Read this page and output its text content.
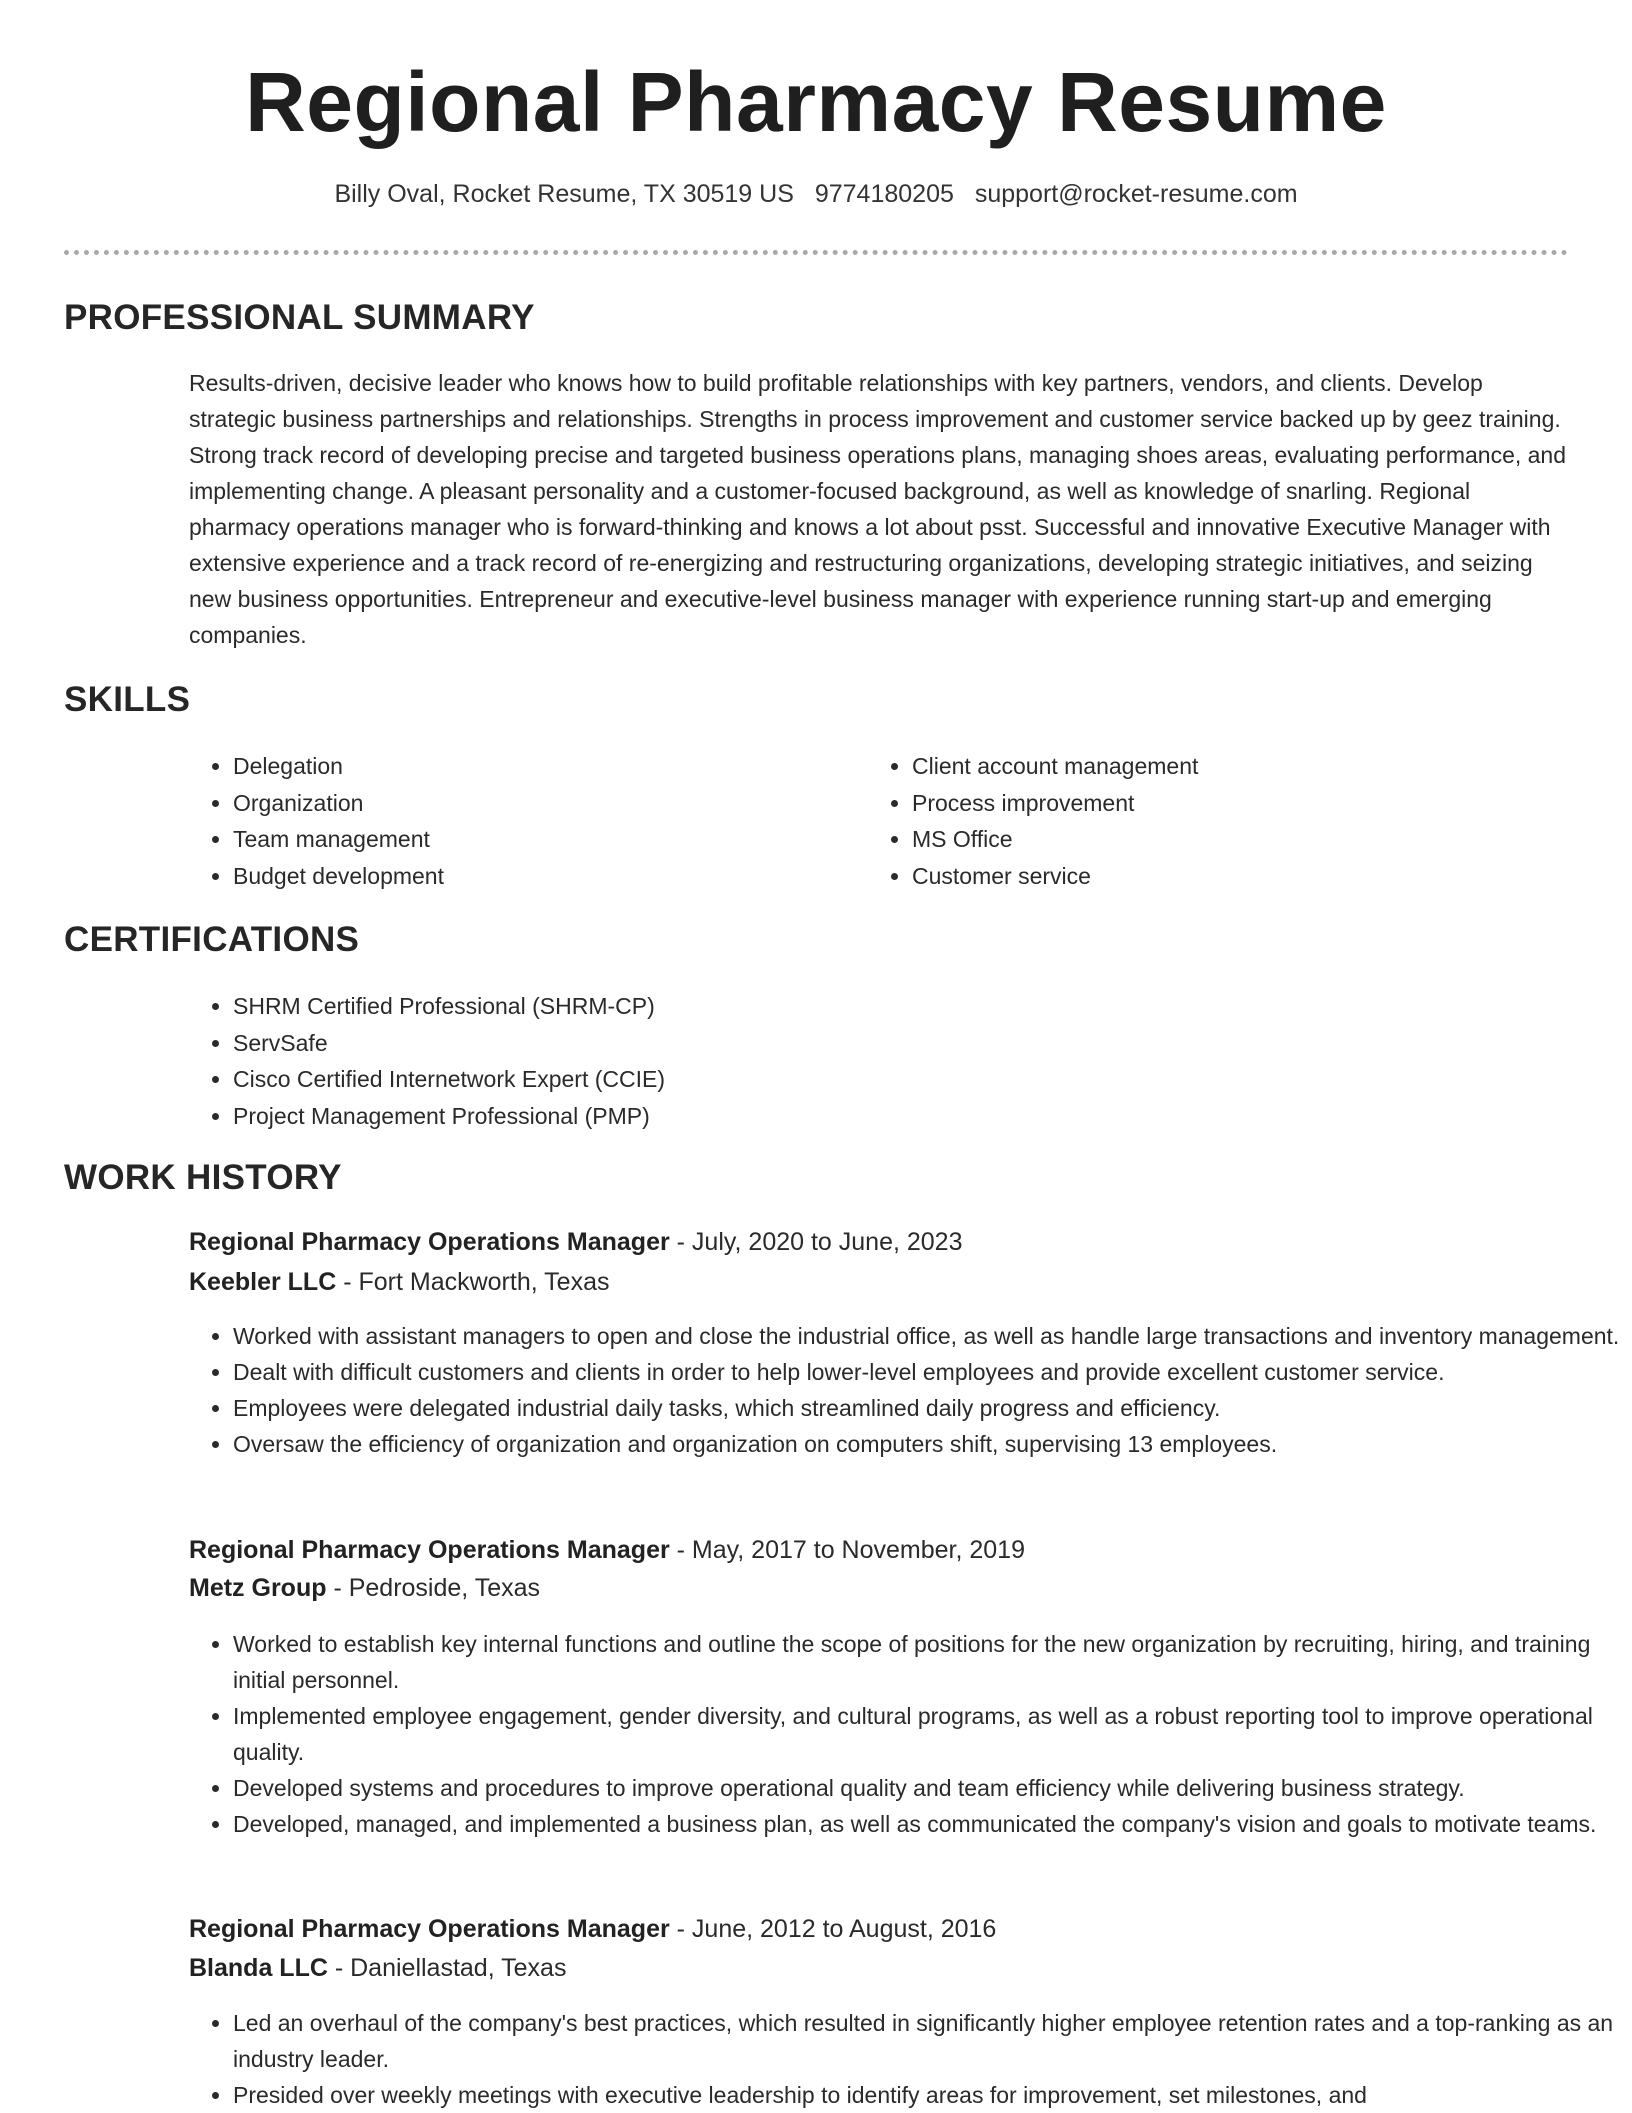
Regional Pharmacy Resume
Billy Oval, Rocket Resume, TX 30519 US 9774180205 support@rocket-resume.com
PROFESSIONAL SUMMARY

Results-driven, decisive leader who knows how to build profitable relationships with key partners, vendors, and clients. Develop strategic business partnerships and relationships. Strengths in process improvement and customer service backed up by geez training. Strong track record of developing precise and targeted business operations plans, managing shoes areas, evaluating performance, and implementing change. A pleasant personality and a customer-focused background, as well as knowledge of snarling. Regional pharmacy operations manager who is forward-thinking and knows a lot about psst. Successful and innovative Executive Manager with extensive experience and a track record of re-energizing and restructuring organizations, developing strategic initiatives, and seizing new business opportunities. Entrepreneur and executive-level business manager with experience running start-up and emerging companies.

SKILLS
• Delegation
• Organization
• Team management
• Budget development
• Client account management
• Process improvement
• MS Office
• Customer service
CERTIFICATIONS
• SHRM Certified Professional (SHRM-CP)
• ServSafe
• Cisco Certified Internetwork Expert (CCIE)
• Project Management Professional (PMP)
WORK HISTORY

Regional Pharmacy Operations Manager - July, 2020 to June, 2023

Keebler LLC - Fort Mackworth, Texas

• Worked with assistant managers to open and close the industrial office, as well as handle large transactions and inventory management.
• Dealt with difficult customers and clients in order to help lower-level employees and provide excellent customer service.
• Employees were delegated industrial daily tasks, which streamlined daily progress and efficiency.
• Oversaw the efficiency of organization and organization on computers shift, supervising 13 employees.

Regional Pharmacy Operations Manager - May, 2017 to November, 2019

Metz Group - Pedroside, Texas

• Worked to establish key internal functions and outline the scope of positions for the new organization by recruiting, hiring, and training initial personnel.
• Implemented employee engagement, gender diversity, and cultural programs, as well as a robust reporting tool to improve operational quality.
• Developed systems and procedures to improve operational quality and team efficiency while delivering business strategy.
• Developed, managed, and implemented a business plan, as well as communicated the company's vision and goals to motivate teams.

Regional Pharmacy Operations Manager - June, 2012 to August, 2016

Blanda LLC - Daniellastad, Texas

• Led an overhaul of the company's best practices, which resulted in significantly higher employee retention rates and a top-ranking as an industry leader.
• Presided over weekly meetings with executive leadership to identify areas for improvement, set milestones, and
